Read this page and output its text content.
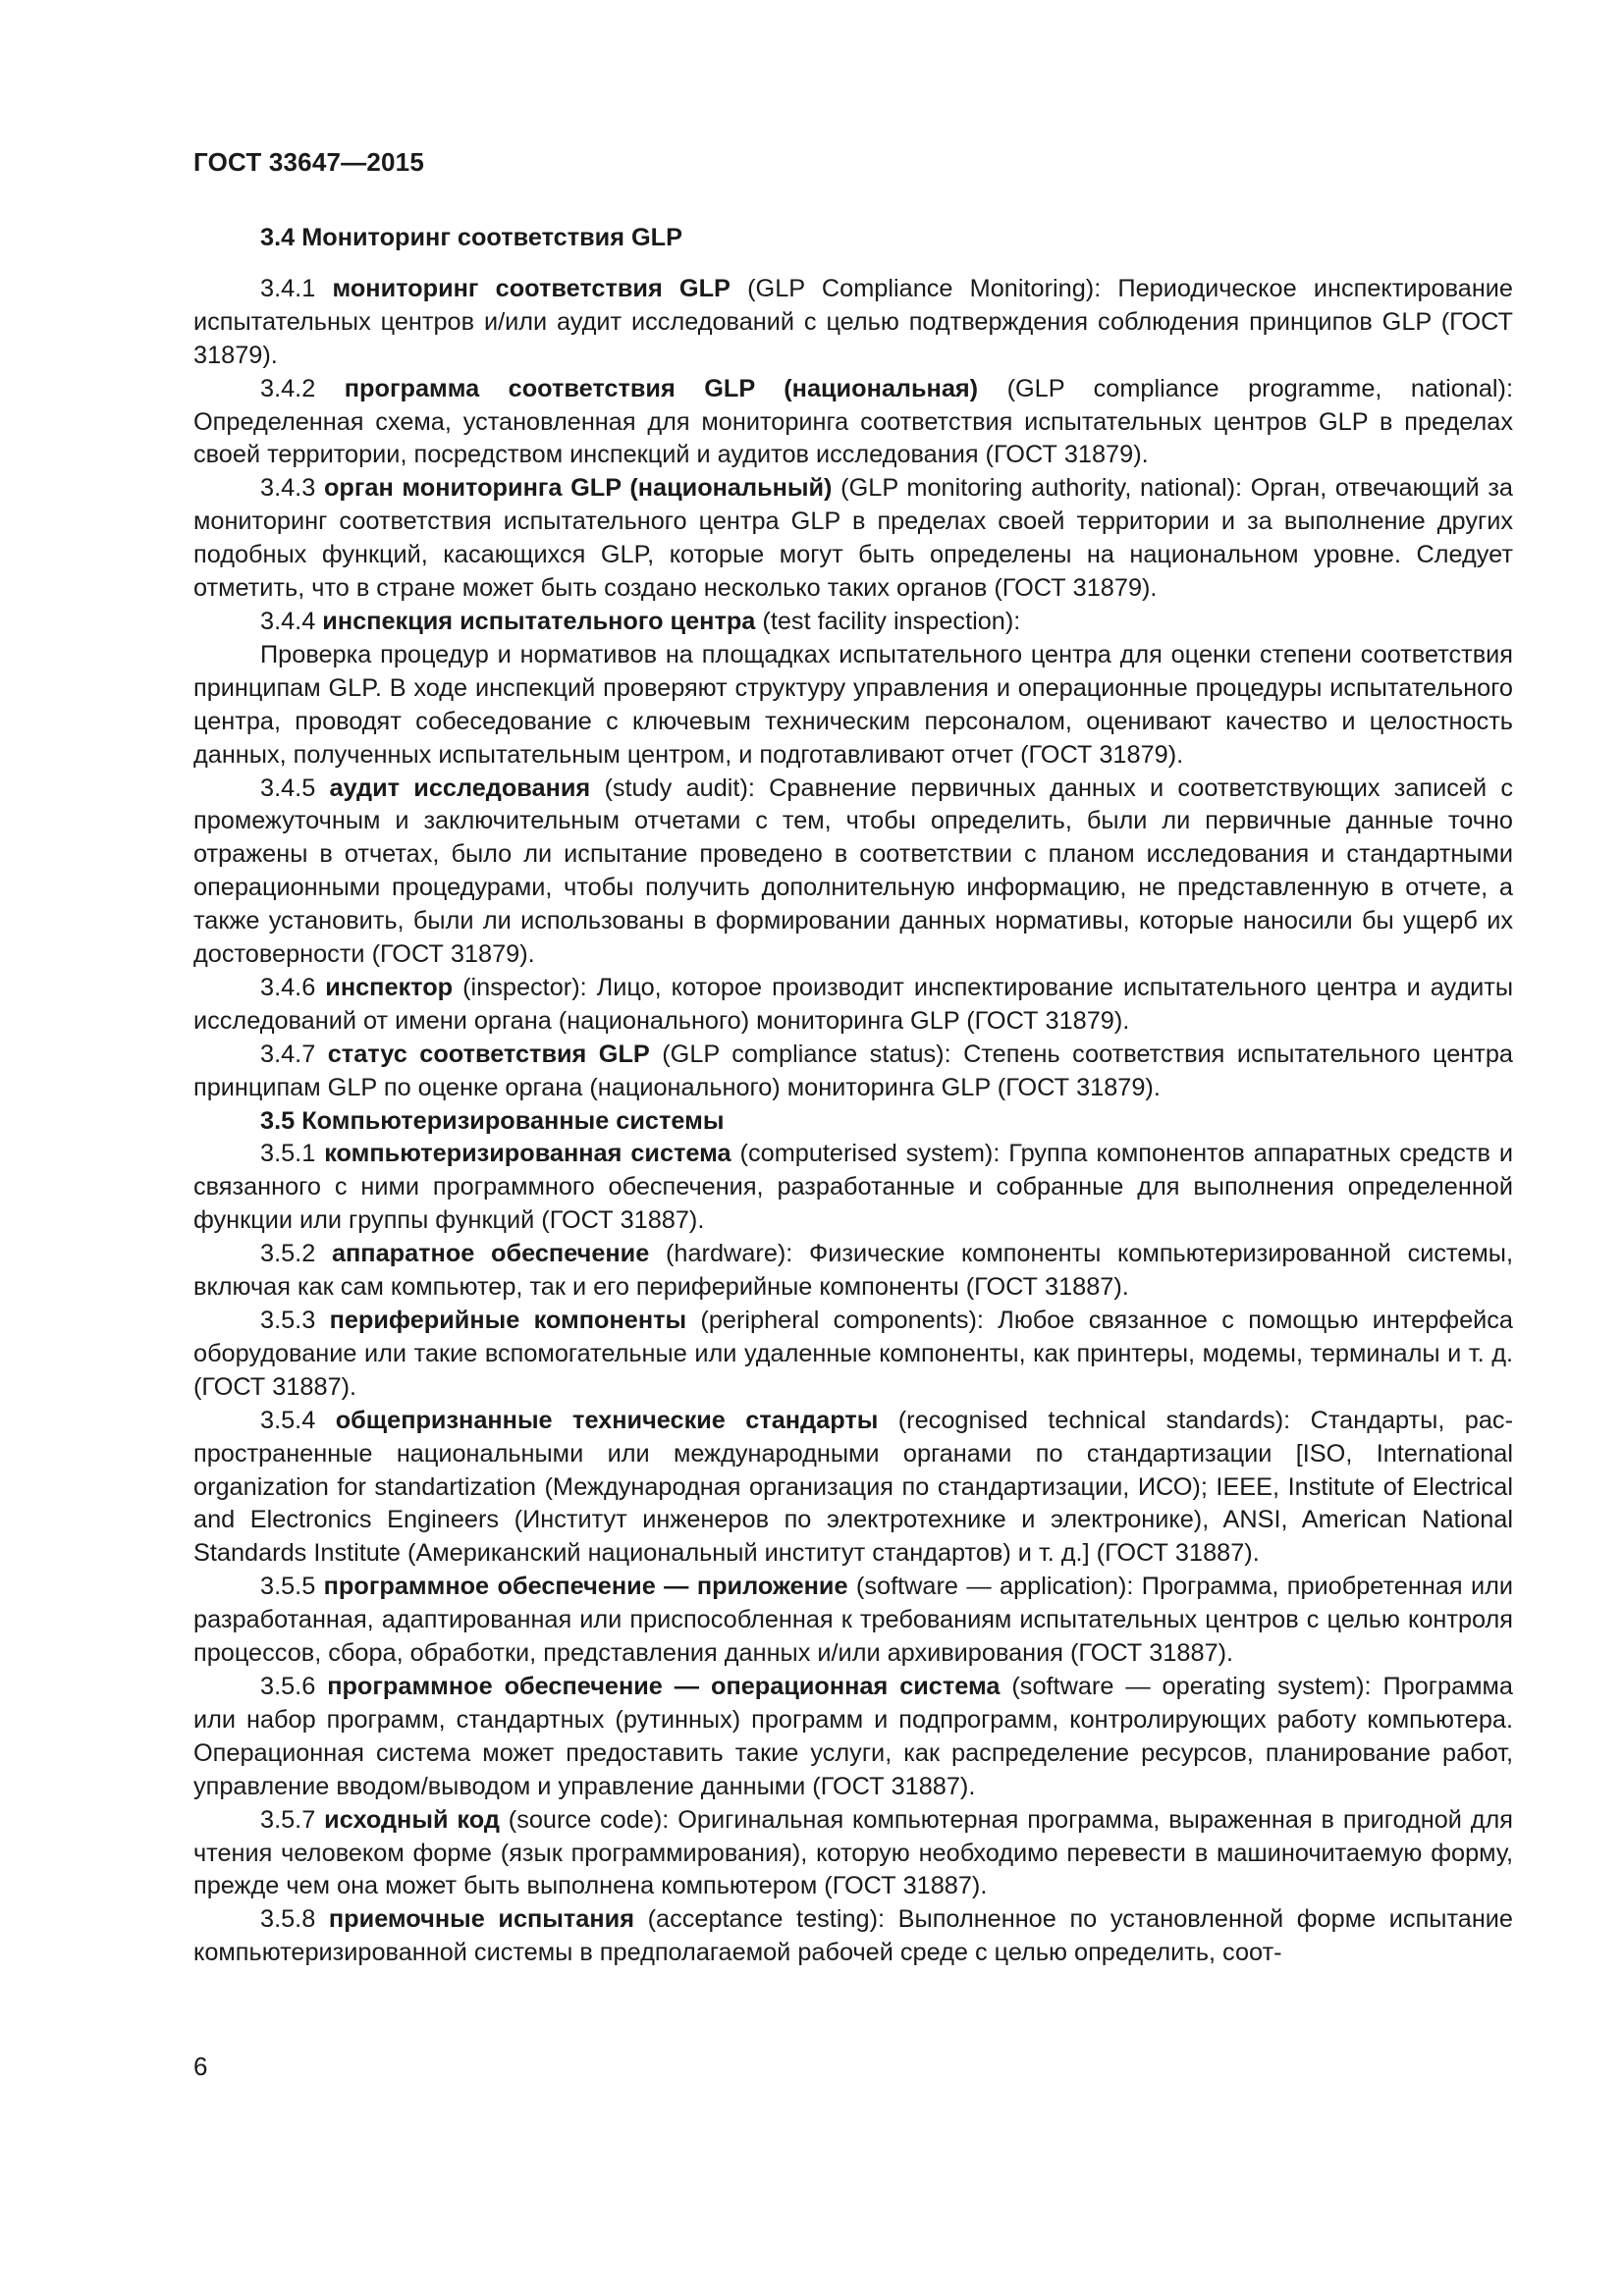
ГОСТ 33647—2015
3.4 Мониторинг соответствия GLP

3.4.1 мониторинг соответствия GLP (GLP Compliance Monitoring): Периодическое инспектирование испытательных центров и/или аудит исследований с целью подтверждения соблюдения принципов GLP (ГОСТ 31879).

3.4.2 программа соответствия GLP (национальная) (GLP compliance programme, national): Определенная схема, установленная для мониторинга соответствия испытательных центров GLP в пределах своей территории, посредством инспекций и аудитов исследования (ГОСТ 31879).

3.4.3 орган мониторинга GLP (национальный) (GLP monitoring authority, national): Орган, отвечающий за мониторинг соответствия испытательного центра GLP в пределах своей территории и за выполнение других подобных функций, касающихся GLP, которые могут быть определены на национальном уровне. Следует отметить, что в стране может быть создано несколько таких органов (ГОСТ 31879).

3.4.4 инспекция испытательного центра (test facility inspection):

Проверка процедур и нормативов на площадках испытательного центра для оценки степени соответствия принципам GLP. В ходе инспекций проверяют структуру управления и операционные процедуры испытательного центра, проводят собеседование с ключевым техническим персоналом, оценивают качество и целостность данных, полученных испытательным центром, и подготавливают отчет (ГОСТ 31879).

3.4.5 аудит исследования (study audit): Сравнение первичных данных и соответствующих записей с промежуточным и заключительным отчетами с тем, чтобы определить, были ли первичные данные точно отражены в отчетах, было ли испытание проведено в соответствии с планом исследования и стандартными операционными процедурами, чтобы получить дополнительную информацию, не представленную в отчете, а также установить, были ли использованы в формировании данных нормативы, которые наносили бы ущерб их достоверности (ГОСТ 31879).

3.4.6 инспектор (inspector): Лицо, которое производит инспектирование испытательного центра и аудиты исследований от имени органа (национального) мониторинга GLP (ГОСТ 31879).

3.4.7 статус соответствия GLP (GLP compliance status): Степень соответствия испытательного центра принципам GLP по оценке органа (национального) мониторинга GLP (ГОСТ 31879).

3.5 Компьютеризированные системы

3.5.1 компьютеризированная система (computerised system): Группа компонентов аппаратных средств и связанного с ними программного обеспечения, разработанные и собранные для выполнения определенной функции или группы функций (ГОСТ 31887).

3.5.2 аппаратное обеспечение (hardware): Физические компоненты компьютеризированной системы, включая как сам компьютер, так и его периферийные компоненты (ГОСТ 31887).

3.5.3 периферийные компоненты (peripheral components): Любое связанное с помощью интерфейса оборудование или такие вспомогательные или удаленные компоненты, как принтеры, модемы, терминалы и т. д. (ГОСТ 31887).

3.5.4 общепризнанные технические стандарты (recognised technical standards): Стандарты, распространенные национальными или международными органами по стандартизации [ISO, International organization for standartization (Международная организация по стандартизации, ИСО); IEEE, Institute of Electrical and Electronics Engineers (Институт инженеров по электротехнике и электронике), ANSI, American National Standards Institute (Американский национальный институт стандартов) и т. д.] (ГОСТ 31887).

3.5.5 программное обеспечение — приложение (software — application): Программа, приобретенная или разработанная, адаптированная или приспособленная к требованиям испытательных центров с целью контроля процессов, сбора, обработки, представления данных и/или архивирования (ГОСТ 31887).

3.5.6 программное обеспечение — операционная система (software — operating system): Программа или набор программ, стандартных (рутинных) программ и подпрограмм, контролирующих работу компьютера. Операционная система может предоставить такие услуги, как распределение ресурсов, планирование работ, управление вводом/выводом и управление данными (ГОСТ 31887).

3.5.7 исходный код (source code): Оригинальная компьютерная программа, выраженная в пригодной для чтения человеком форме (язык программирования), которую необходимо перевести в машиночитаемую форму, прежде чем она может быть выполнена компьютером (ГОСТ 31887).

3.5.8 приемочные испытания (acceptance testing): Выполненное по установленной форме испытание компьютеризированной системы в предполагаемой рабочей среде с целью определить, соот-

6
